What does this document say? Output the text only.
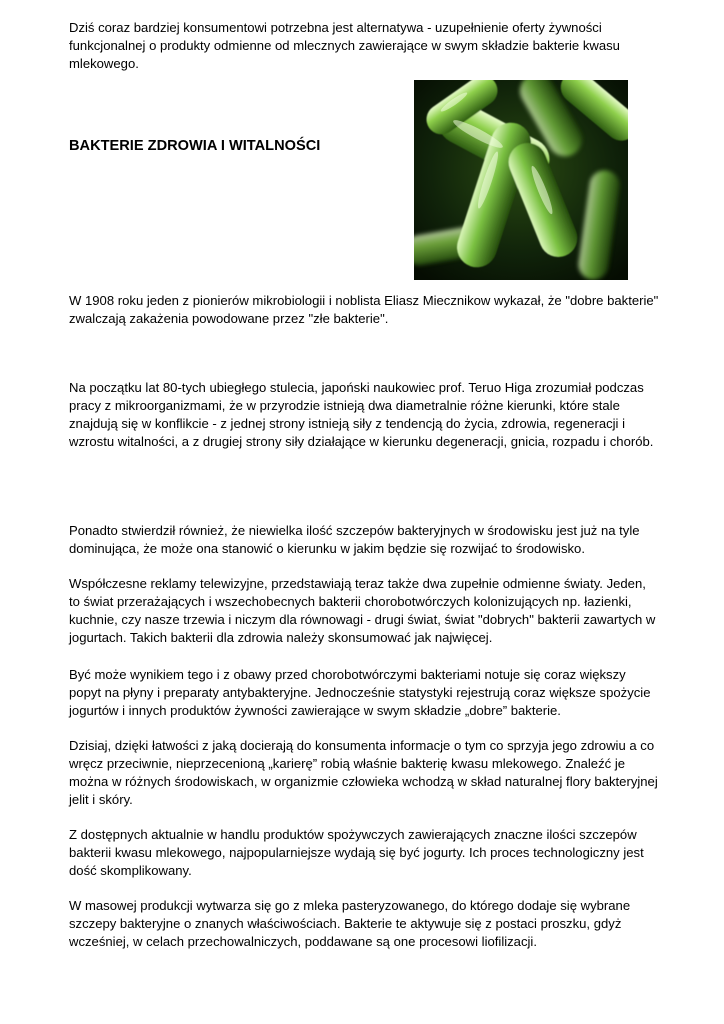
Dziś coraz bardziej konsumentowi potrzebna jest alternatywa - uzupełnienie oferty żywności funkcjonalnej o produkty odmienne od mlecznych zawierające w swym składzie bakterie kwasu mlekowego.

BAKTERIE ZDROWIA I WITALNOŚCI

W 1908 roku jeden z pionierów mikrobiologii i noblista Eliasz Miecznikow wykazał, że "dobre bakterie" zwalczają zakażenia powodowane przez "złe bakterie".

Na początku lat 80-tych ubiegłego stulecia, japoński naukowiec prof. Teruo Higa zrozumiał podczas pracy z mikroorganizmami, że w przyrodzie istnieją dwa diametralnie różne kierunki, które stale znajdują się w konflikcie - z jednej strony istnieją siły z tendencją do życia, zdrowia, regeneracji i wzrostu witalności, a z drugiej strony siły działające w kierunku degeneracji, gnicia, rozpadu i chorób.

Ponadto stwierdził również, że niewielka ilość szczepów bakteryjnych w środowisku jest już na tyle dominująca, że może ona stanowić o kierunku w jakim będzie się rozwijać to środowisko.

Współczesne reklamy telewizyjne, przedstawiają teraz także dwa zupełnie odmienne światy. Jeden, to świat przerażających i wszechobecnych bakterii chorobotwórczych kolonizujących np. łazienki, kuchnie, czy nasze trzewia i niczym dla równowagi - drugi świat, świat "dobrych" bakterii zawartych w jogurtach. Takich bakterii dla zdrowia należy skonsumować jak najwięcej.

Być może wynikiem tego i z obawy przed chorobotwórczymi bakteriami notuje się coraz większy popyt na płyny i preparaty antybakteryjne. Jednocześnie statystyki rejestrują coraz większe spożycie jogurtów i innych produktów żywności zawierające w swym składzie „dobre” bakterie.

Dzisiaj, dzięki łatwości z jaką docierają do konsumenta informacje o tym co sprzyja jego zdrowiu a co wręcz przeciwnie, nieprzecenioną „karierę” robią właśnie bakterię kwasu mlekowego. Znaleźć je można w różnych środowiskach, w organizmie człowieka wchodzą w skład naturalnej flory bakteryjnej jelit i skóry.

Z dostępnych aktualnie w handlu produktów spożywczych zawierających znaczne ilości szczepów bakterii kwasu mlekowego, najpopularniejsze wydają się być jogurty. Ich proces technologiczny jest dość skomplikowany.

W masowej produkcji wytwarza się go z mleka pasteryzowanego, do którego dodaje się wybrane szczepy bakteryjne o znanych właściwościach. Bakterie te aktywuje się z postaci proszku, gdyż wcześniej, w celach przechowalniczych, poddawane są one procesowi liofilizacji.
